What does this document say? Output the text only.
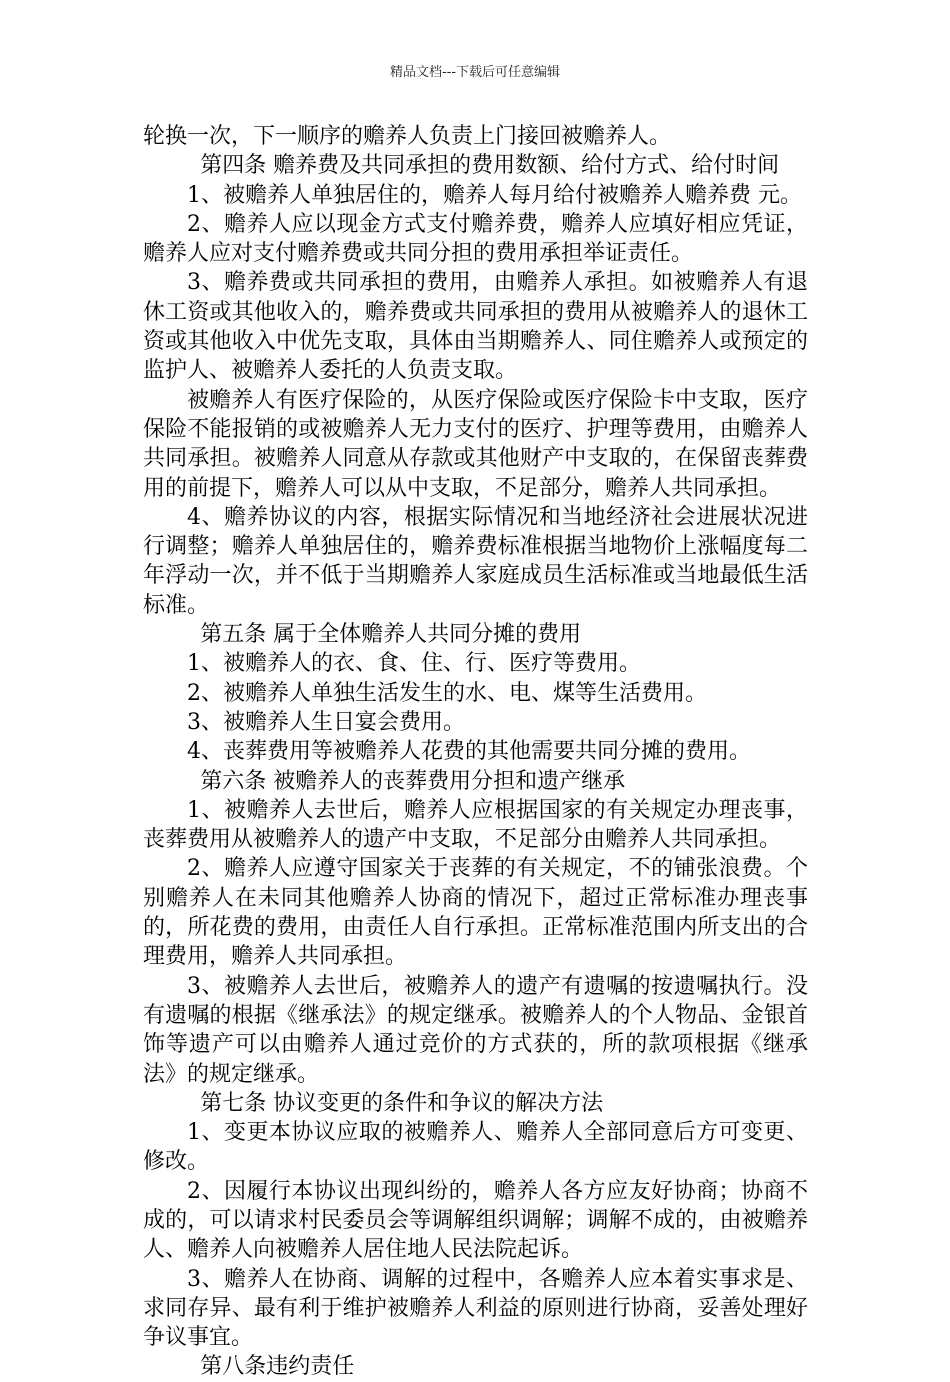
精品文档---下载后可任意编辑

轮换一次，下一顺序的赡养人负责上门接回被赡养人。

第四条 赡养费及共同承担的费用数额、给付方式、给付时间

1、被赡养人单独居住的，赡养人每月给付被赡养人赡养费 元。

2、赡养人应以现金方式支付赡养费，赡养人应填好相应凭证，赡养人应对支付赡养费或共同分担的费用承担举证责任。

3、赡养费或共同承担的费用，由赡养人承担。如被赡养人有退休工资或其他收入的，赡养费或共同承担的费用从被赡养人的退休工资或其他收入中优先支取，具体由当期赡养人、同住赡养人或预定的监护人、被赡养人委托的人负责支取。

被赡养人有医疗保险的，从医疗保险或医疗保险卡中支取，医疗保险不能报销的或被赡养人无力支付的医疗、护理等费用，由赡养人共同承担。被赡养人同意从存款或其他财产中支取的，在保留丧葬费用的前提下，赡养人可以从中支取，不足部分，赡养人共同承担。

4、赡养协议的内容，根据实际情况和当地经济社会进展状况进行调整；赡养人单独居住的，赡养费标准根据当地物价上涨幅度每二年浮动一次，并不低于当期赡养人家庭成员生活标准或当地最低生活标准。

第五条 属于全体赡养人共同分摊的费用

1、被赡养人的衣、食、住、行、医疗等费用。

2、被赡养人单独生活发生的水、电、煤等生活费用。

3、被赡养人生日宴会费用。

4、丧葬费用等被赡养人花费的其他需要共同分摊的费用。

第六条 被赡养人的丧葬费用分担和遗产继承

1、被赡养人去世后，赡养人应根据国家的有关规定办理丧事，丧葬费用从被赡养人的遗产中支取，不足部分由赡养人共同承担。

2、赡养人应遵守国家关于丧葬的有关规定，不的铺张浪费。个别赡养人在未同其他赡养人协商的情况下，超过正常标准办理丧事的，所花费的费用，由责任人自行承担。正常标准范围内所支出的合理费用，赡养人共同承担。

3、被赡养人去世后，被赡养人的遗产有遗嘱的按遗嘱执行。没有遗嘱的根据《继承法》的规定继承。被赡养人的个人物品、金银首饰等遗产可以由赡养人通过竞价的方式获的，所的款项根据《继承法》的规定继承。

第七条 协议变更的条件和争议的解决方法

1、变更本协议应取的被赡养人、赡养人全部同意后方可变更、修改。

2、因履行本协议出现纠纷的，赡养人各方应友好协商；协商不成的，可以请求村民委员会等调解组织调解；调解不成的，由被赡养人、赡养人向被赡养人居住地人民法院起诉。

3、赡养人在协商、调解的过程中，各赡养人应本着实事求是、求同存异、最有利于维护被赡养人利益的原则进行协商，妥善处理好争议事宜。

第八条违约责任
